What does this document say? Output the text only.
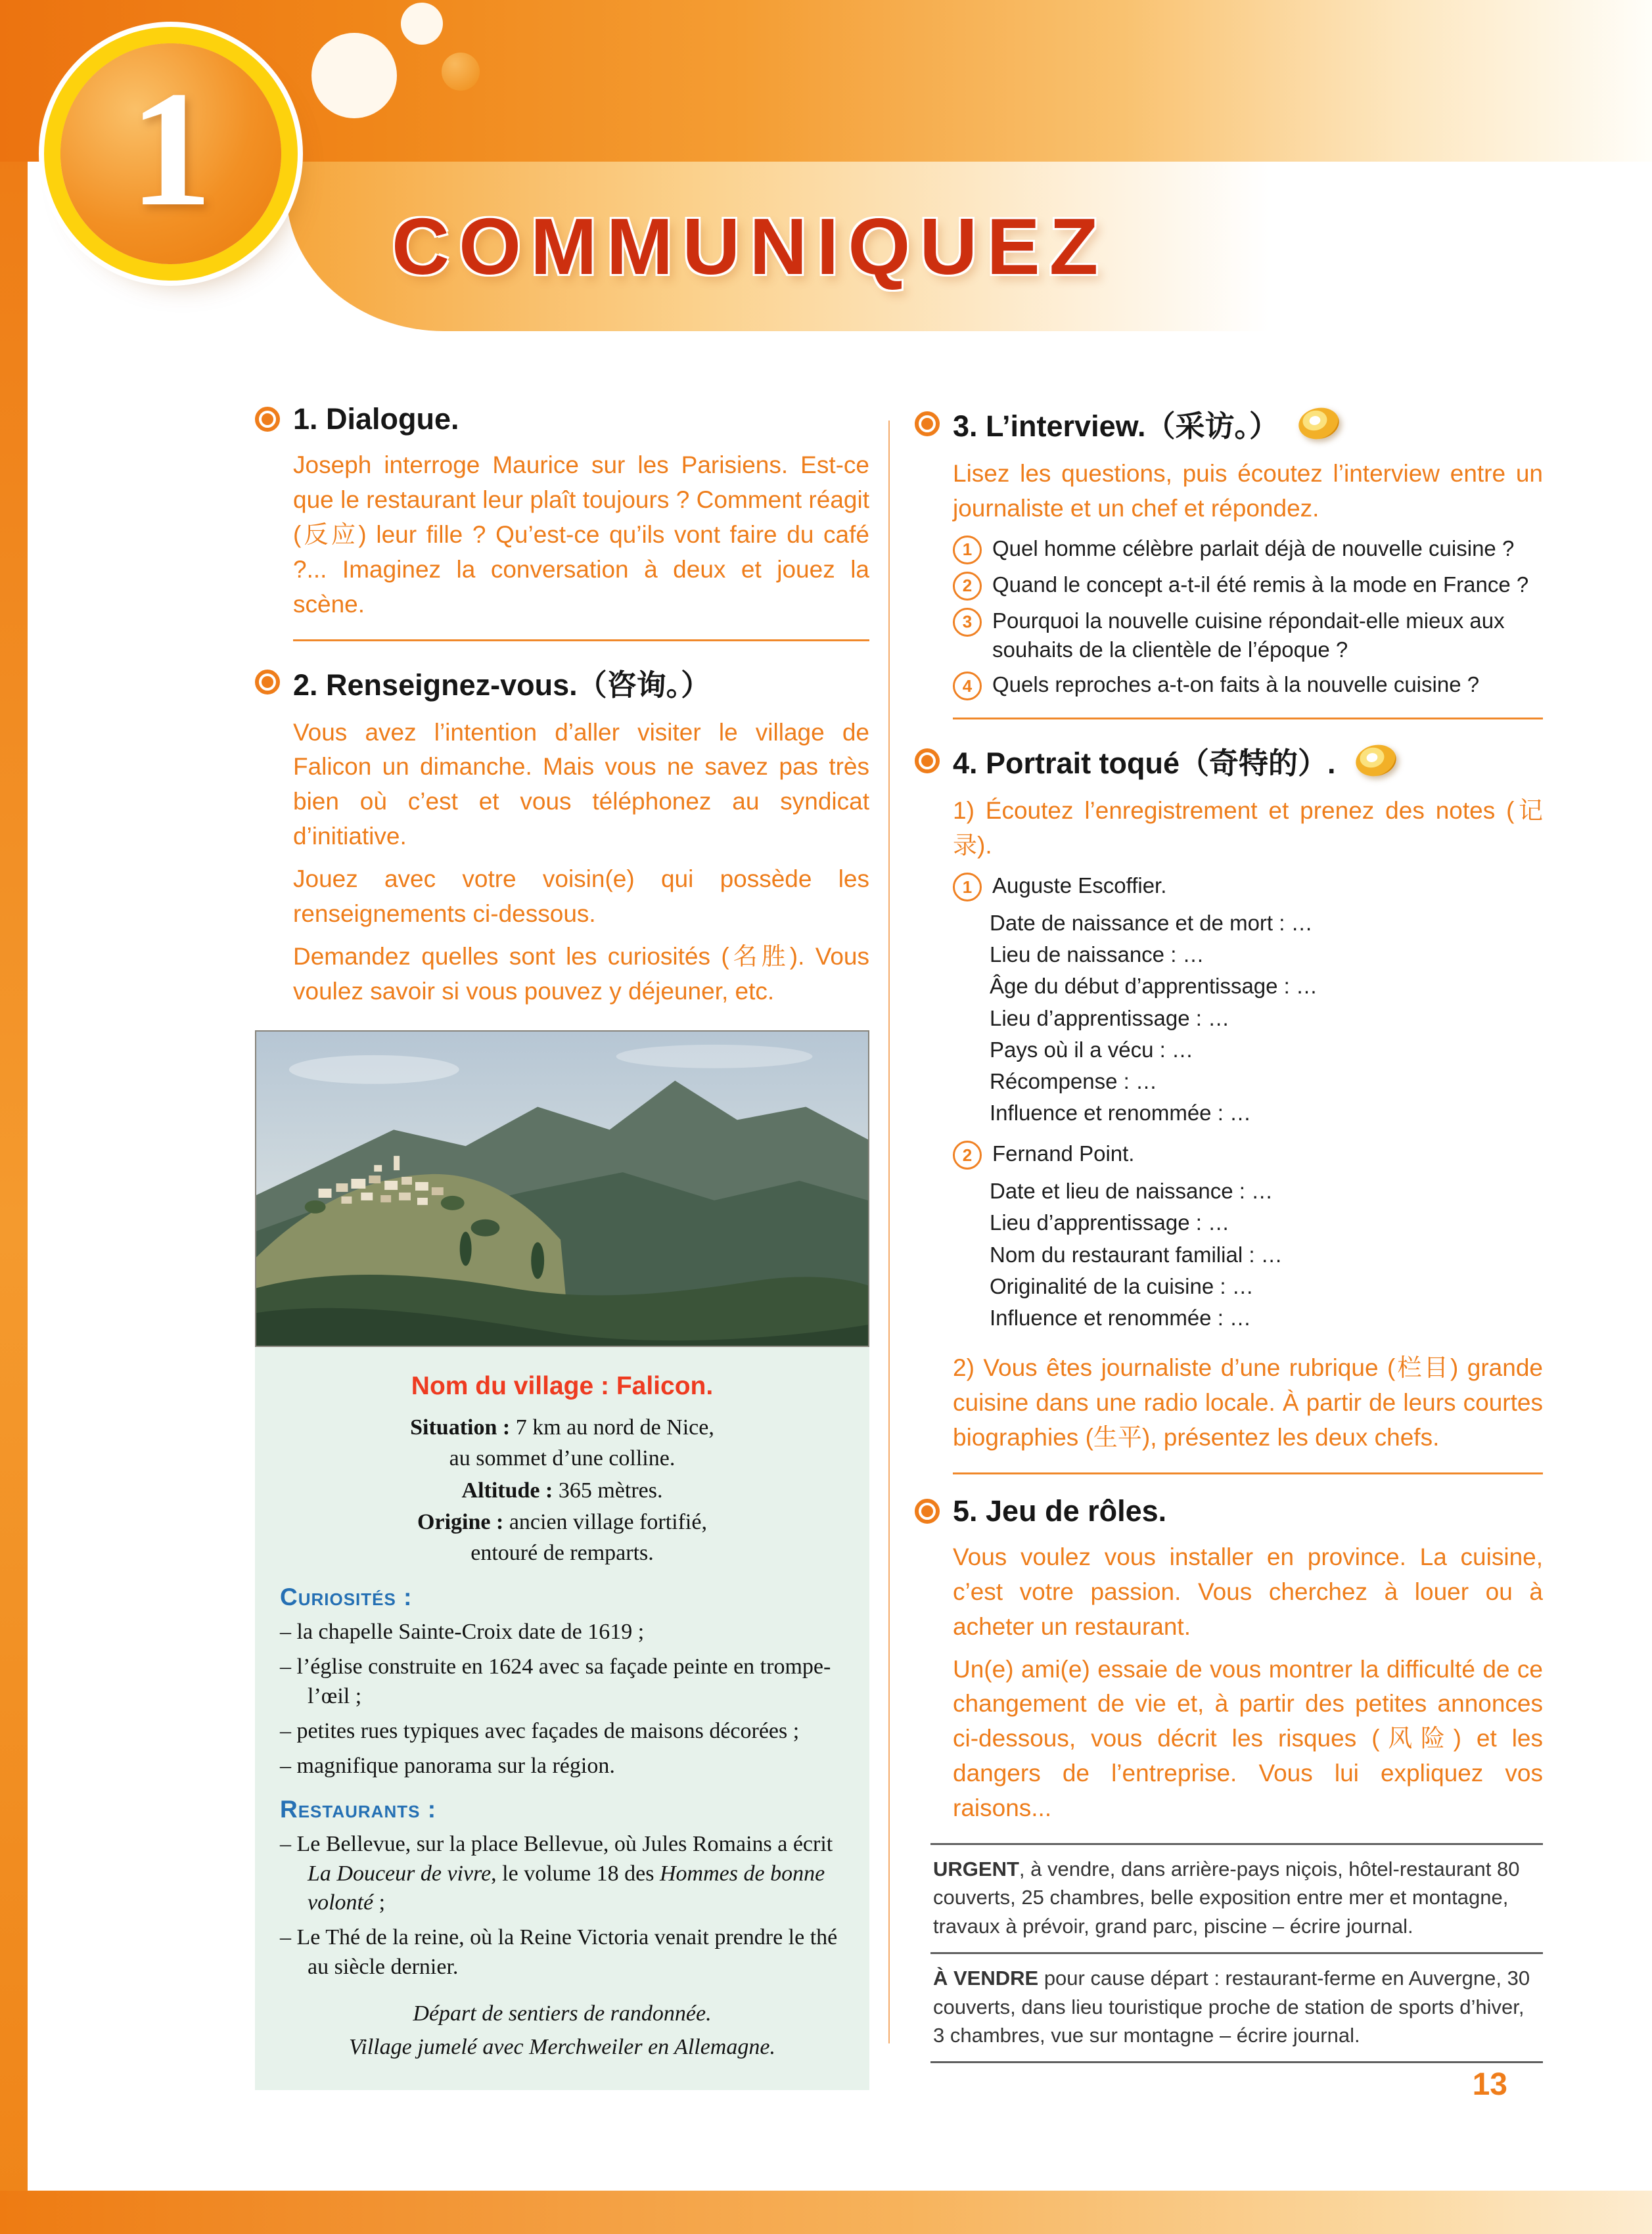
COMMUNIQUEZ
1
1. Dialogue.

Joseph interroge Maurice sur les Parisiens. Est-ce que le restaurant leur plaît toujours ? Comment réagit (反应) leur fille ? Qu’est-ce qu’ils vont faire du café ?... Imaginez la conversation à deux et jouez la scène.

2. Renseignez-vous.（咨询。）

Vous avez l’intention d’aller visiter le village de Falicon un dimanche. Mais vous ne savez pas très bien où c’est et vous téléphonez au syndicat d’initiative.

Jouez avec votre voisin(e) qui possède les renseignements ci-dessous.

Demandez quelles sont les curiosités (名胜). Vous voulez savoir si vous pouvez y déjeuner, etc.

Nom du village : Falicon.
Situation : 7 km au nord de Nice,
au sommet d’une colline.
Altitude : 365 mètres.
Origine : ancien village fortifié,
entouré de remparts.
Curiosités :
– la chapelle Sainte-Croix date de 1619 ;
– l’église construite en 1624 avec sa façade peinte en trompe-l’œil ;
– petites rues typiques avec façades de maisons décorées ;
– magnifique panorama sur la région.
Restaurants :
– Le Bellevue, sur la place Bellevue, où Jules Romains a écrit La Douceur de vivre, le volume 18 des Hommes de bonne volonté ;
– Le Thé de la reine, où la Reine Victoria venait prendre le thé au siècle dernier.
Départ de sentiers de randonnée.
Village jumelé avec Merchweiler en Allemagne.
3. L’interview.（采访。）

Lisez les questions, puis écoutez l’interview entre un journaliste et un chef et répondez.

1 Quel homme célèbre parlait déjà de nouvelle cuisine ?
2 Quand le concept a-t-il été remis à la mode en France ?
3 Pourquoi la nouvelle cuisine répondait-elle mieux aux souhaits de la clientèle de l’époque ?
4 Quels reproches a-t-on faits à la nouvelle cuisine ?
4. Portrait toqué（奇特的）.

1) Écoutez l’enregistrement et prenez des notes (记录).

1 Auguste Escoffier.
Date de naissance et de mort : …
Lieu de naissance : …
Âge du début d’apprentissage : …
Lieu d’apprentissage : …
Pays où il a vécu : …
Récompense : …
Influence et renommée : …
2 Fernand Point.
Date et lieu de naissance : …
Lieu d’apprentissage : …
Nom du restaurant familial : …
Originalité de la cuisine : …
Influence et renommée : …

2) Vous êtes journaliste d’une rubrique (栏目) grande cuisine dans une radio locale. À partir de leurs courtes biographies (生平), présentez les deux chefs.

5. Jeu de rôles.

Vous voulez vous installer en province. La cuisine, c’est votre passion. Vous cherchez à louer ou à acheter un restaurant.

Un(e) ami(e) essaie de vous montrer la difficulté de ce changement de vie et, à partir des petites annonces ci-dessous, vous décrit les risques (风险) et les dangers de l’entreprise. Vous lui expliquez vos raisons...

URGENT, à vendre, dans arrière-pays niçois, hôtel-restaurant 80 couverts, 25 chambres, belle exposition entre mer et montagne, travaux à prévoir, grand parc, piscine – écrire journal.
À VENDRE pour cause départ : restaurant-ferme en Auvergne, 30 couverts, dans lieu touristique proche de station de sports d’hiver, 3 chambres, vue sur montagne – écrire journal.
13
